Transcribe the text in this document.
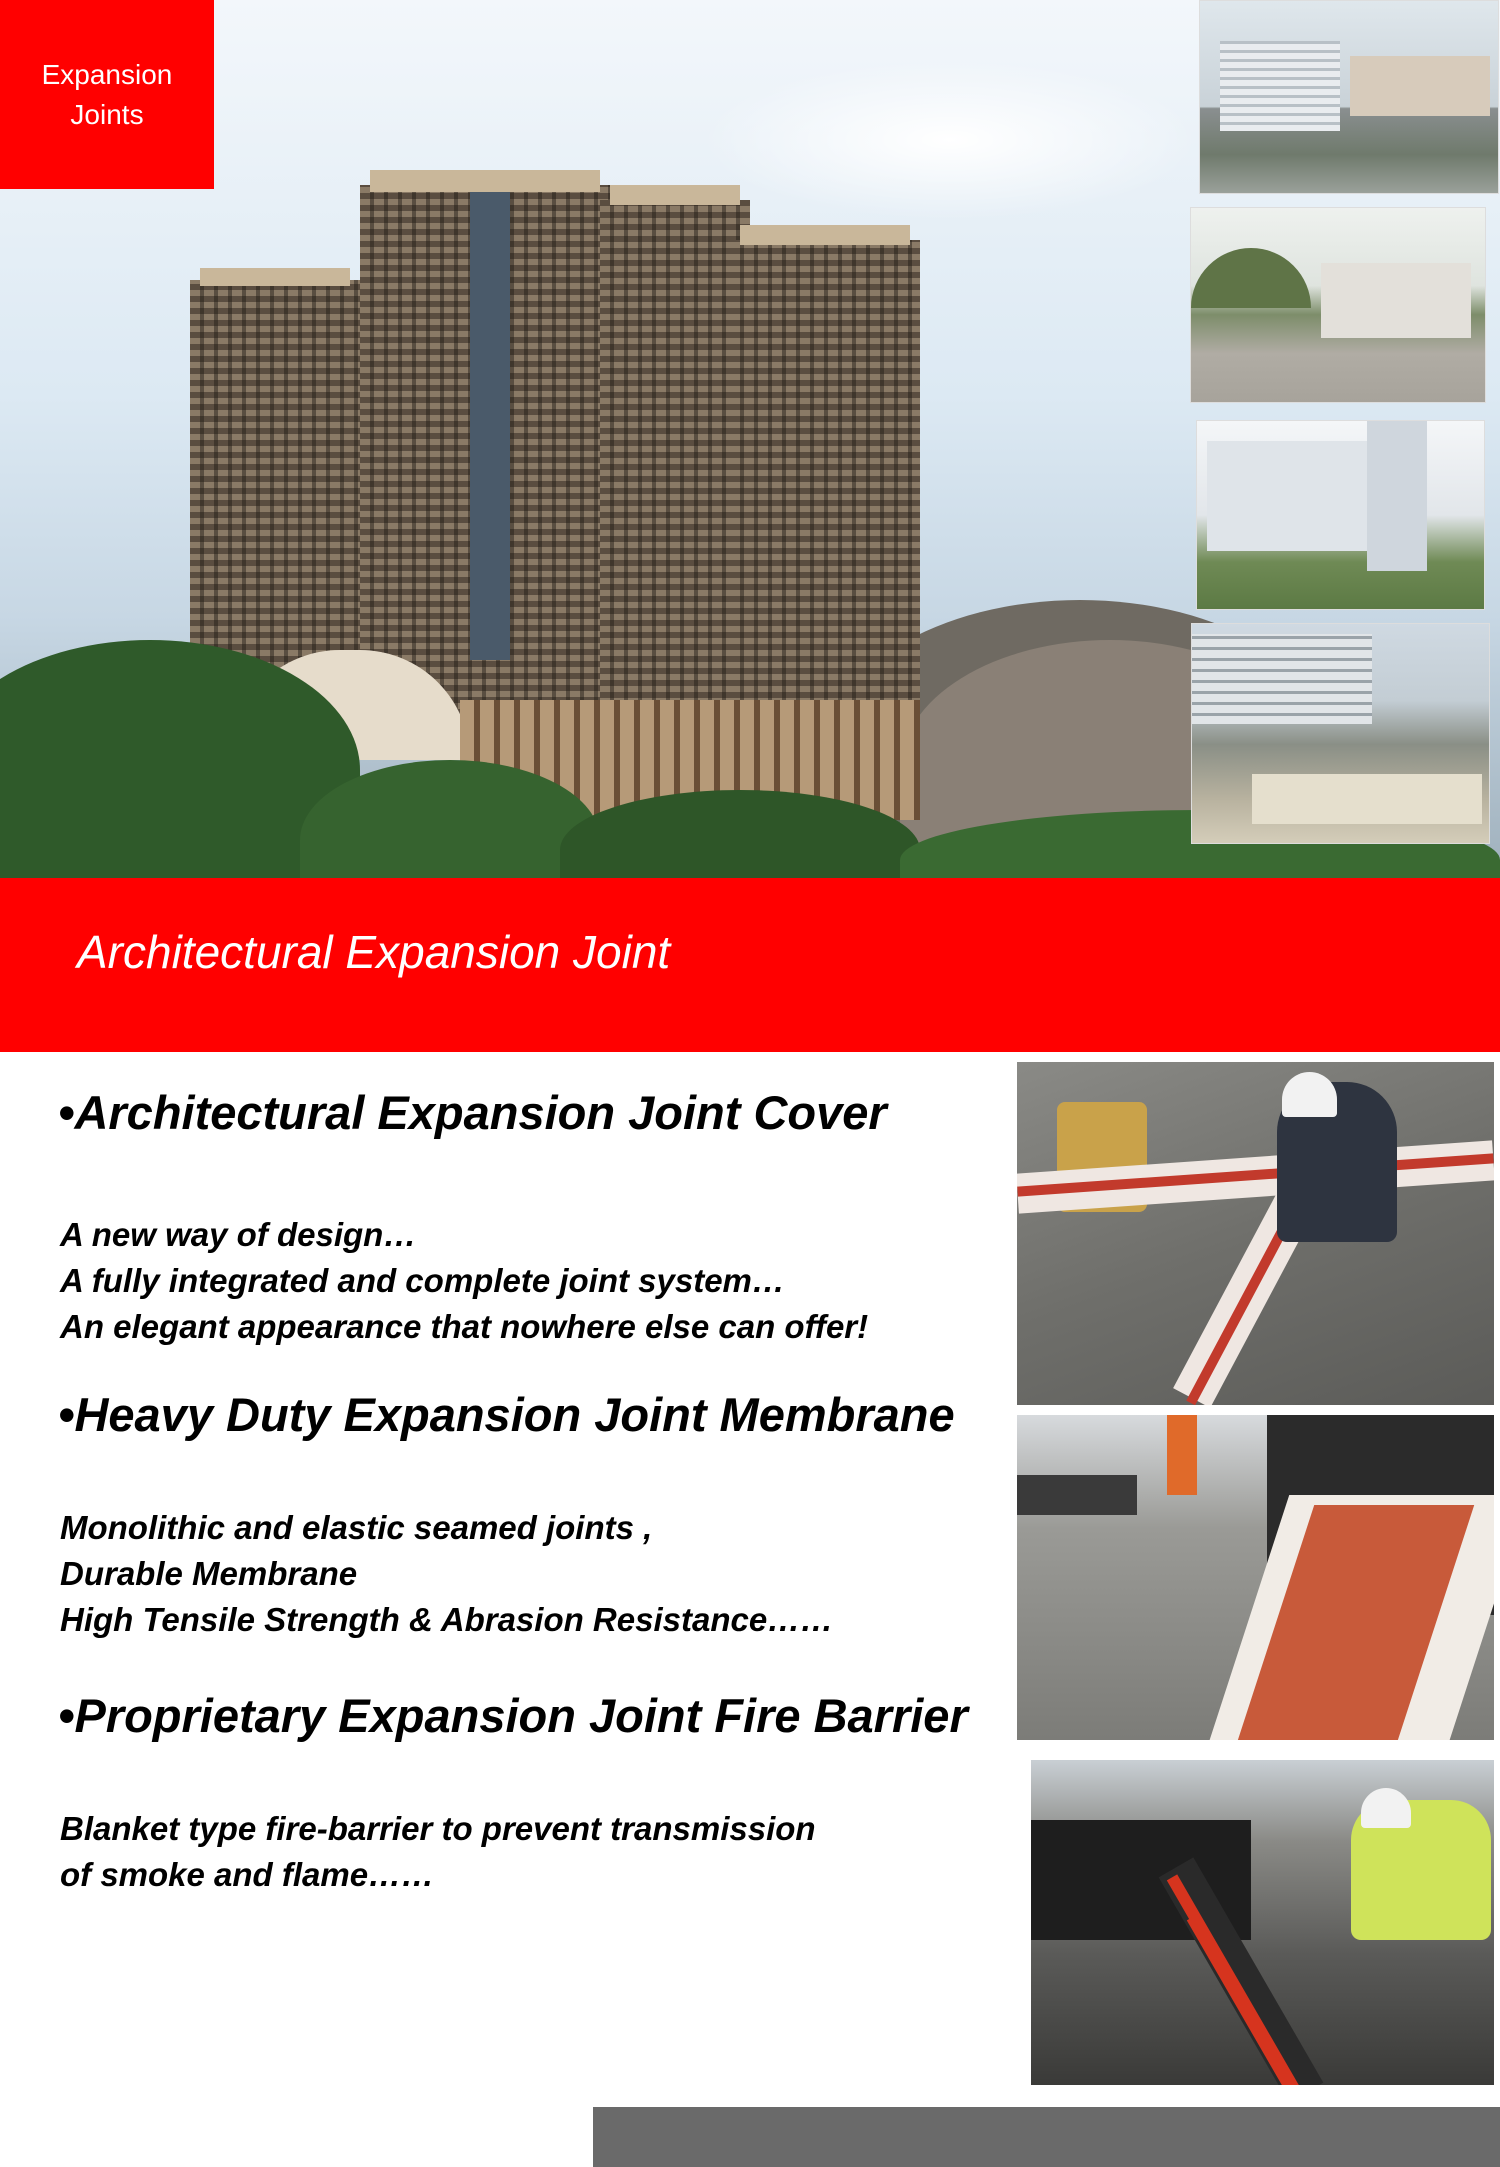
Expansion
Joints
Architectural Expansion Joint
•Architectural Expansion Joint Cover
A new way of design…
A fully integrated and complete joint system…
An elegant appearance that nowhere else can offer!
•Heavy Duty Expansion Joint Membrane
Monolithic and elastic seamed joints ,
Durable Membrane
High Tensile Strength & Abrasion Resistance……
•Proprietary Expansion Joint Fire Barrier
Blanket type fire-barrier to prevent transmission
of smoke and flame……
